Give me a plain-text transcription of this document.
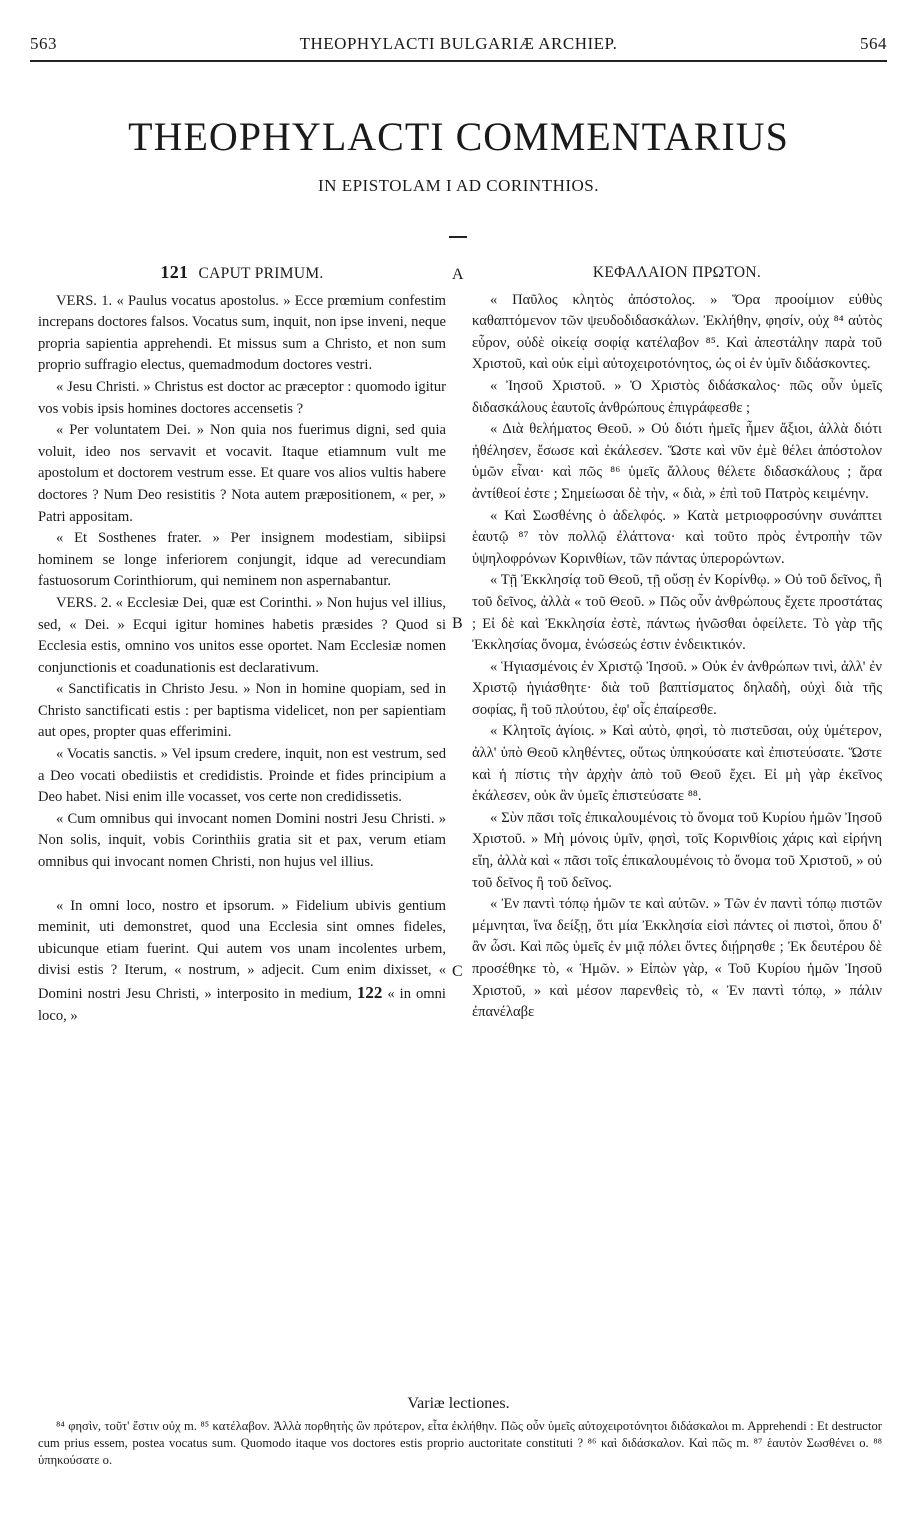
563	THEOPHYLACTI BULGARIÆ ARCHIEP.	564
THEOPHYLACTI COMMENTARIUS
IN EPISTOLAM I AD CORINTHIOS.

121 CAPUT PRIMUM.

VERS. 1. « Paulus vocatus apostolus. » Ecce prœmium confestim increpans doctores falsos. Vocatus sum, inquit, non ipse inveni, neque propria sapientia apprehendi. Et missus sum a Christo, et non sum proprio suffragio electus, quemadmodum doctores vestri.

« Jesu Christi. » Christus est doctor ac præceptor : quomodo igitur vos vobis ipsis homines doctores accensetis ?

« Per voluntatem Dei. » Non quia nos fuerimus digni, sed quia voluit, ideo nos servavit et vocavit. Itaque etiamnum vult me apostolum et doctorem vestrum esse. Et quare vos alios vultis habere doctores ? Num Deo resistitis ? Nota autem præpositionem, « per, » Patri appositam.

« Et Sosthenes frater. » Per insignem modestiam, sibiipsi hominem se longe inferiorem conjungit, idque ad verecundiam fastuosorum Corinthiorum, qui neminem non aspernabantur.

VERS. 2. « Ecclesiæ Dei, quæ est Corinthi. » Non hujus vel illius, sed, « Dei. » Ecqui igitur homines habetis præsides ? Quod si Ecclesia estis, omnino vos unitos esse oportet. Nam Ecclesiæ nomen conjunctionis et coadunationis est declarativum.

« Sanctificatis in Christo Jesu. » Non in homine quopiam, sed in Christo sanctificati estis : per baptisma videlicet, non per sapientiam aut opes, propter quas efferimini.

« Vocatis sanctis. » Vel ipsum credere, inquit, non est vestrum, sed a Deo vocati obediistis et credidistis. Proinde et fides principium a Deo habet. Nisi enim ille vocasset, vos certe non credidissetis.

« Cum omnibus qui invocant nomen Domini nostri Jesu Christi. » Non solis, inquit, vobis Corinthiis gratia sit et pax, verum etiam omnibus qui invocant nomen Christi, non hujus vel illius.

« In omni loco, nostro et ipsorum. » Fidelium ubivis gentium meminit, uti demonstret, quod una Ecclesia sint omnes fideles, ubicunque etiam fuerint. Qui autem vos unam incolentes urbem, divisi estis ? Iterum, « nostrum, » adjecit. Cum enim dixisset, « Domini nostri Jesu Christi, » interposito in medium, 122 « in omni loco, »

ΚΕΦΑΛΑΙΟΝ ΠΡΩΤΟΝ.

« Παῦλος κλητὸς ἀπόστολος. » Ὅρα προοίμιον εὐθὺς καθαπτόμενον τῶν ψευδοδιδασκάλων. Ἐκλήθην, φησίν, οὐχ ⁸⁴ αὐτὸς εὗρον, οὐδὲ οἰκείᾳ σοφίᾳ κατέλαβον ⁸⁵. Καὶ ἀπεστάλην παρὰ τοῦ Χριστοῦ, καὶ οὐκ εἰμὶ αὐτοχειροτόνητος, ὡς οἱ ἐν ὑμῖν διδάσκοντες.

« Ἰησοῦ Χριστοῦ. » Ὁ Χριστὸς διδάσκαλος· πῶς οὖν ὑμεῖς διδασκάλους ἑαυτοῖς ἀνθρώπους ἐπιγράφεσθε ;

« Διὰ θελήματος Θεοῦ. » Οὐ διότι ἡμεῖς ἦμεν ἄξιοι, ἀλλὰ διότι ἠθέλησεν, ἔσωσε καὶ ἐκάλεσεν. Ὥστε καὶ νῦν ἐμὲ θέλει ἀπόστολον ὑμῶν εἶναι· καὶ πῶς ⁸⁶ ὑμεῖς ἄλλους θέλετε διδασκάλους ; ἄρα ἀντίθεοί ἐστε ; Σημείωσαι δὲ τὴν, « διὰ, » ἐπὶ τοῦ Πατρὸς κειμένην.

« Καὶ Σωσθένης ὁ ἀδελφός. » Κατὰ μετριοφροσύνην συνάπτει ἑαυτῷ ⁸⁷ τὸν πολλῷ ἐλάττονα· καὶ τοῦτο πρὸς ἐντροπὴν τῶν ὑψηλοφρόνων Κορινθίων, τῶν πάντας ὑπερορώντων.

« Τῇ Ἐκκλησίᾳ τοῦ Θεοῦ, τῇ οὔσῃ ἐν Κορίνθῳ. » Οὐ τοῦ δεῖνος, ἢ τοῦ δεῖνος, ἀλλὰ « τοῦ Θεοῦ. » Πῶς οὖν ἀνθρώπους ἔχετε προστάτας ; Εἰ δὲ καὶ Ἐκκλησία ἐστὲ, πάντως ἡνῶσθαι ὀφείλετε. Τὸ γὰρ τῆς Ἐκκλησίας ὄνομα, ἑνώσεώς ἐστιν ἐνδεικτικόν.

« Ἡγιασμένοις ἐν Χριστῷ Ἰησοῦ. » Οὐκ ἐν ἀνθρώπων τινὶ, ἀλλ' ἐν Χριστῷ ἡγιάσθητε· διὰ τοῦ βαπτίσματος δηλαδὴ, οὐχὶ διὰ τῆς σοφίας, ἢ τοῦ πλούτου, ἐφ' οἷς ἐπαίρεσθε.

« Κλητοῖς ἁγίοις. » Καὶ αὐτὸ, φησὶ, τὸ πιστεῦσαι, οὐχ ὑμέτερον, ἀλλ' ὑπὸ Θεοῦ κληθέντες, οὕτως ὑπηκούσατε καὶ ἐπιστεύσατε. Ὥστε καὶ ἡ πίστις τὴν ἀρχὴν ἀπὸ τοῦ Θεοῦ ἔχει. Εἰ μὴ γὰρ ἐκεῖνος ἐκάλεσεν, οὐκ ἂν ὑμεῖς ἐπιστεύσατε ⁸⁸.

« Σὺν πᾶσι τοῖς ἐπικαλουμένοις τὸ ὄνομα τοῦ Κυρίου ἡμῶν Ἰησοῦ Χριστοῦ. » Μὴ μόνοις ὑμῖν, φησὶ, τοῖς Κορινθίοις χάρις καὶ εἰρήνη εἴη, ἀλλὰ καὶ « πᾶσι τοῖς ἐπικαλουμένοις τὸ ὄνομα τοῦ Χριστοῦ, » οὐ τοῦ δεῖνος ἢ τοῦ δεῖνος.

« Ἐν παντὶ τόπῳ ἡμῶν τε καὶ αὐτῶν. » Τῶν ἐν παντὶ τόπῳ πιστῶν μέμνηται, ἵνα δείξῃ, ὅτι μία Ἐκκλησία εἰσὶ πάντες οἱ πιστοὶ, ὅπου δ' ἂν ὦσι. Καὶ πῶς ὑμεῖς ἐν μιᾷ πόλει ὄντες διῄρησθε ; Ἐκ δευτέρου δὲ προσέθηκε τὸ, « Ἡμῶν. » Εἰπὼν γὰρ, « Τοῦ Κυρίου ἡμῶν Ἰησοῦ Χριστοῦ, » καὶ μέσον παρενθεὶς τὸ, « Ἐν παντὶ τόπῳ, » πάλιν ἐπανέλαβε

A
B
C
Variæ lectiones.

⁸⁴ φησὶν, τοῦτ' ἔστιν οὐχ m. ⁸⁵ κατέλαβον. Ἀλλὰ πορθητὴς ὢν πρότερον, εἶτα ἐκλήθην. Πῶς οὖν ὑμεῖς αὐτοχειροτόνητοι διδάσκαλοι m. Apprehendi : Et destructor cum prius essem, postea vocatus sum. Quomodo itaque vos doctores estis proprio auctoritate constituti ? ⁸⁶ καὶ διδάσκαλον. Καὶ πῶς m. ⁸⁷ ἑαυτὸν Σωσθένει o. ⁸⁸ ὑπηκούσατε o.
